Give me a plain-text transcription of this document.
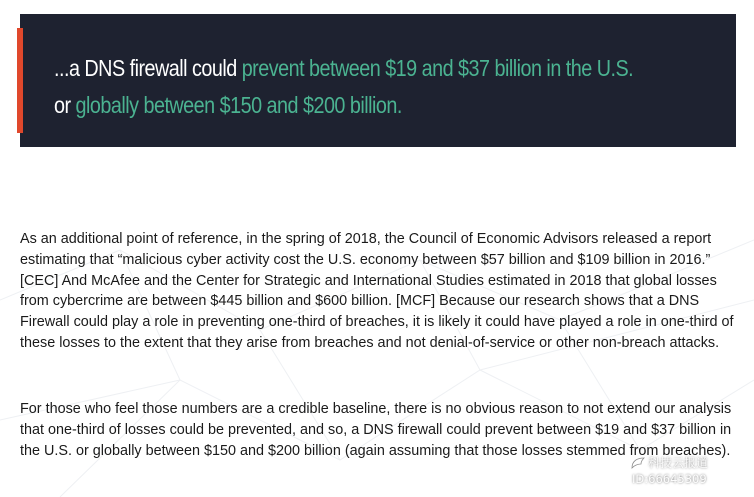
...a DNS firewall could prevent between $19 and $37 billion in the U.S.
or globally between $150 and $200 billion.

As an additional point of reference, in the spring of 2018, the Council of Economic Advisors released a report estimating that “malicious cyber activity cost the U.S. economy between $57 billion and $109 billion in 2016.” [CEC] And McAfee and the Center for Strategic and International Studies estimated in 2018 that global losses from cybercrime are between $445 billion and $600 billion. [MCF] Because our research shows that a DNS Firewall could play a role in preventing one-third of breaches, it is likely it could have played a role in one-third of these losses to the extent that they arise from breaches and not denial-of-service or other non-breach attacks.

For those who feel those numbers are a credible baseline, there is no obvious reason to not extend our analysis that one-third of losses could be prevented, and so, a DNS firewall could prevent between $19 and $37 billion in the U.S. or globally between $150 and $200 billion (again assuming that those losses stemmed from breaches).

科技云报道
ID:66645309
